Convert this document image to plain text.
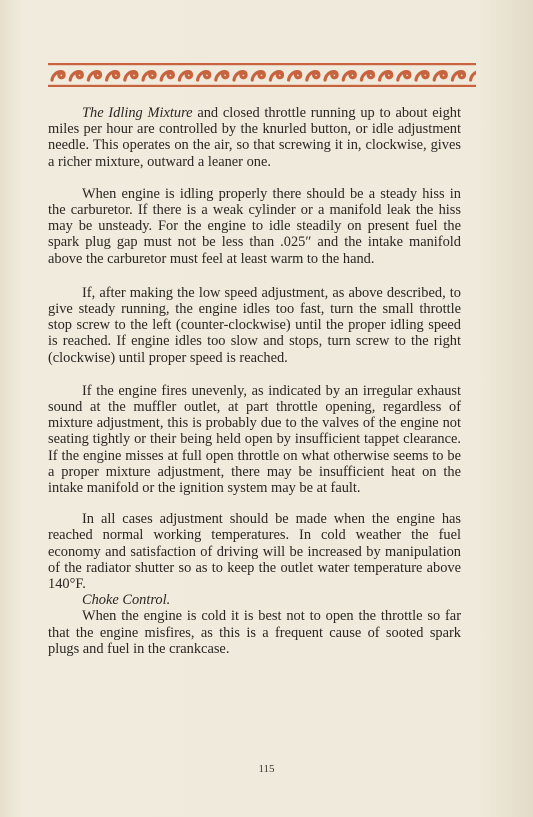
The Idling Mixture and closed throttle running up to about eight miles per hour are controlled by the knurled button, or idle adjustment needle. This operates on the air, so that screwing it in, clockwise, gives a richer mixture, outward a leaner one.

When engine is idling properly there should be a steady hiss in the carburetor. If there is a weak cylinder or a manifold leak the hiss may be unsteady. For the engine to idle steadily on present fuel the spark plug gap must not be less than .025″ and the intake manifold above the carburetor must feel at least warm to the hand.

If, after making the low speed adjustment, as above described, to give steady running, the engine idles too fast, turn the small throttle stop screw to the left (counter-clockwise) until the proper idling speed is reached. If engine idles too slow and stops, turn screw to the right (clockwise) until proper speed is reached.

If the engine fires unevenly, as indicated by an irregular exhaust sound at the muffler outlet, at part throttle opening, regardless of mixture adjustment, this is probably due to the valves of the engine not seating tightly or their being held open by insufficient tappet clearance. If the engine misses at full open throttle on what otherwise seems to be a proper mixture adjustment, there may be insufficient heat on the intake manifold or the ignition system may be at fault.

In all cases adjustment should be made when the engine has reached normal working temperatures. In cold weather the fuel economy and satisfaction of driving will be increased by manipulation of the radiator shutter so as to keep the outlet water temperature above 140°F.

Choke Control.

When the engine is cold it is best not to open the throttle so far that the engine misfires, as this is a frequent cause of sooted spark plugs and fuel in the crankcase.

115
